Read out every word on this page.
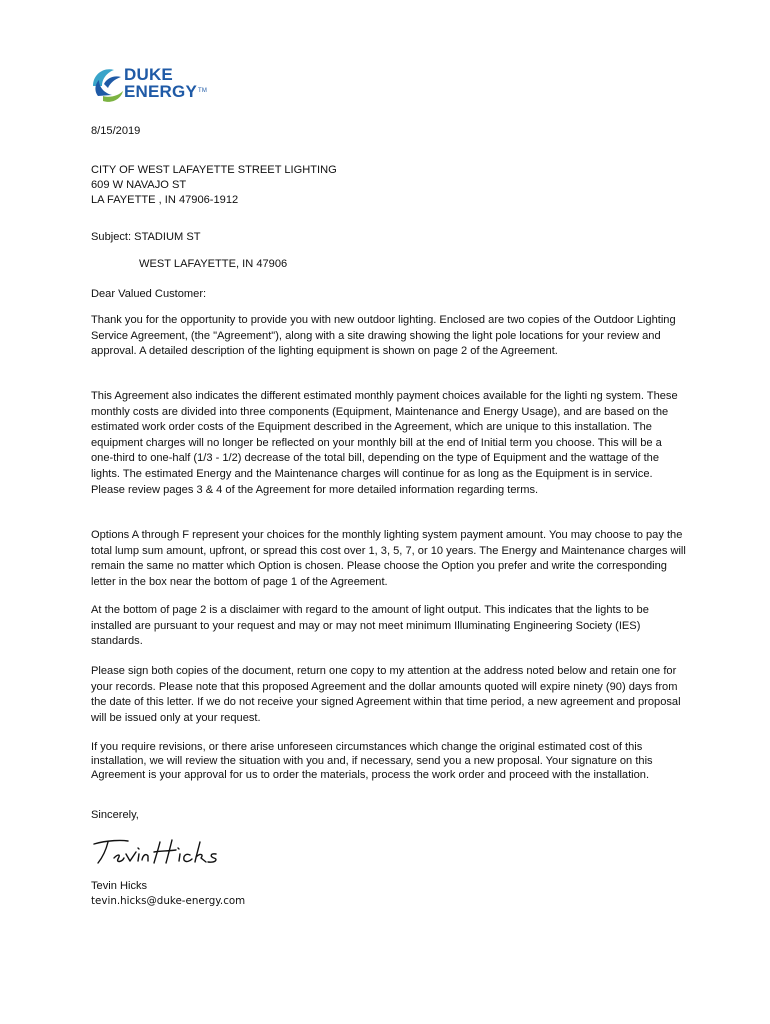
DUKE
ENERGYTM
8/15/2019
CITY OF WEST LAFAYETTE STREET LIGHTING
609 W NAVAJO ST
LA FAYETTE , IN 47906-1912
Subject: STADIUM ST
WEST LAFAYETTE, IN 47906
Dear Valued Customer:

Thank you for the opportunity to provide you with new outdoor lighting. Enclosed are two copies of the Outdoor Lighting Service Agreement, (the "Agreement"), along with a site drawing showing the light pole locations for your review and approval. A detailed description of the lighting equipment is shown on page 2 of the Agreement.

This Agreement also indicates the different estimated monthly payment choices available for the lighti ng system. These monthly costs are divided into three components (Equipment, Maintenance and Energy Usage), and are based on the estimated work order costs of the Equipment described in the Agreement, which are unique to this installation. The equipment charges will no longer be reflected on your monthly bill at the end of Initial term you choose. This will be a one-third to one-half (1/3 - 1/2) decrease of the total bill, depending on the type of Equipment and the wattage of the lights. The estimated Energy and the Maintenance charges will continue for as long as the Equipment is in service. Please review pages 3 & 4 of the Agreement for more detailed information regarding terms.

Options A through F represent your choices for the monthly lighting system payment amount. You may choose to pay the total lump sum amount, upfront, or spread this cost over 1, 3, 5, 7, or 10 years. The Energy and Maintenance charges will remain the same no matter which Option is chosen. Please choose the Option you prefer and write the corresponding letter in the box near the bottom of page 1 of the Agreement.

At the bottom of page 2 is a disclaimer with regard to the amount of light output. This indicates that the lights to be installed are pursuant to your request and may or may not meet minimum Illuminating Engineering Society (IES) standards.

Please sign both copies of the document, return one copy to my attention at the address noted below and retain one for your records. Please note that this proposed Agreement and the dollar amounts quoted will expire ninety (90) days from the date of this letter. If we do not receive your signed Agreement within that time period, a new agreement and proposal will be issued only at your request.

If you require revisions, or there arise unforeseen circumstances which change the original estimated cost of this installation, we will review the situation with you and, if necessary, send you a new proposal. Your signature on this Agreement is your approval for us to order the materials, process the work order and proceed with the installation.

Sincerely,
Tevin Hicks
tevin.hicks@duke-energy.com
